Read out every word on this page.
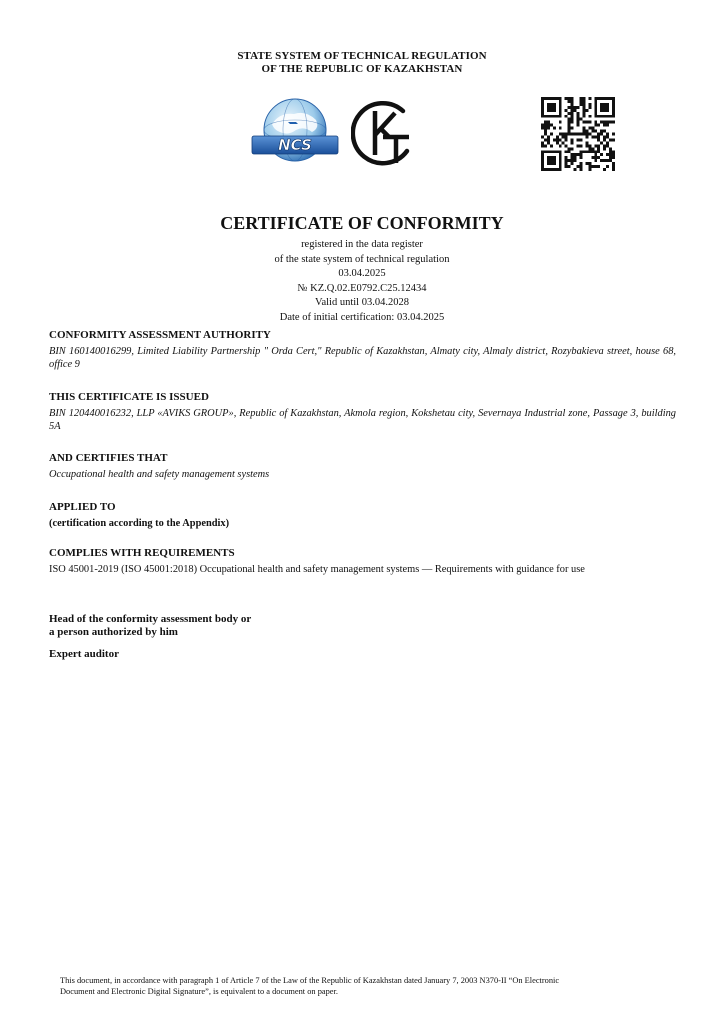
STATE SYSTEM OF TECHNICAL REGULATION
OF THE REPUBLIC OF KAZAKHSTAN
NCS
CERTIFICATE OF CONFORMITY
registered in the data register
of the state system of technical regulation
03.04.2025
№ KZ.Q.02.E0792.C25.12434
Valid until 03.04.2028
Date of initial certification: 03.04.2025
CONFORMITY ASSESSMENT AUTHORITY
BIN 160140016299, Limited Liability Partnership " Orda Cert," Republic of Kazakhstan, Almaty city, Almaly district, Rozybakieva street, house 68, office 9
THIS CERTIFICATE IS ISSUED
BIN 120440016232, LLP «AVIKS GROUP», Republic of Kazakhstan, Akmola region, Kokshetau city, Severnaya Industrial zone, Passage 3, building 5A
AND CERTIFIES THAT
Occupational health and safety management systems
APPLIED TO
(certification according to the Appendix)
COMPLIES WITH REQUIREMENTS
ISO 45001-2019 (ISO 45001:2018) Occupational health and safety management systems — Requirements with guidance for use
Head of the conformity assessment body or
a person authorized by him
Expert auditor
This document, in accordance with paragraph 1 of Article 7 of the Law of the Republic of Kazakhstan dated January 7, 2003 N370-II “On Electronic
Document and Electronic Digital Signature”, is equivalent to a document on paper.
